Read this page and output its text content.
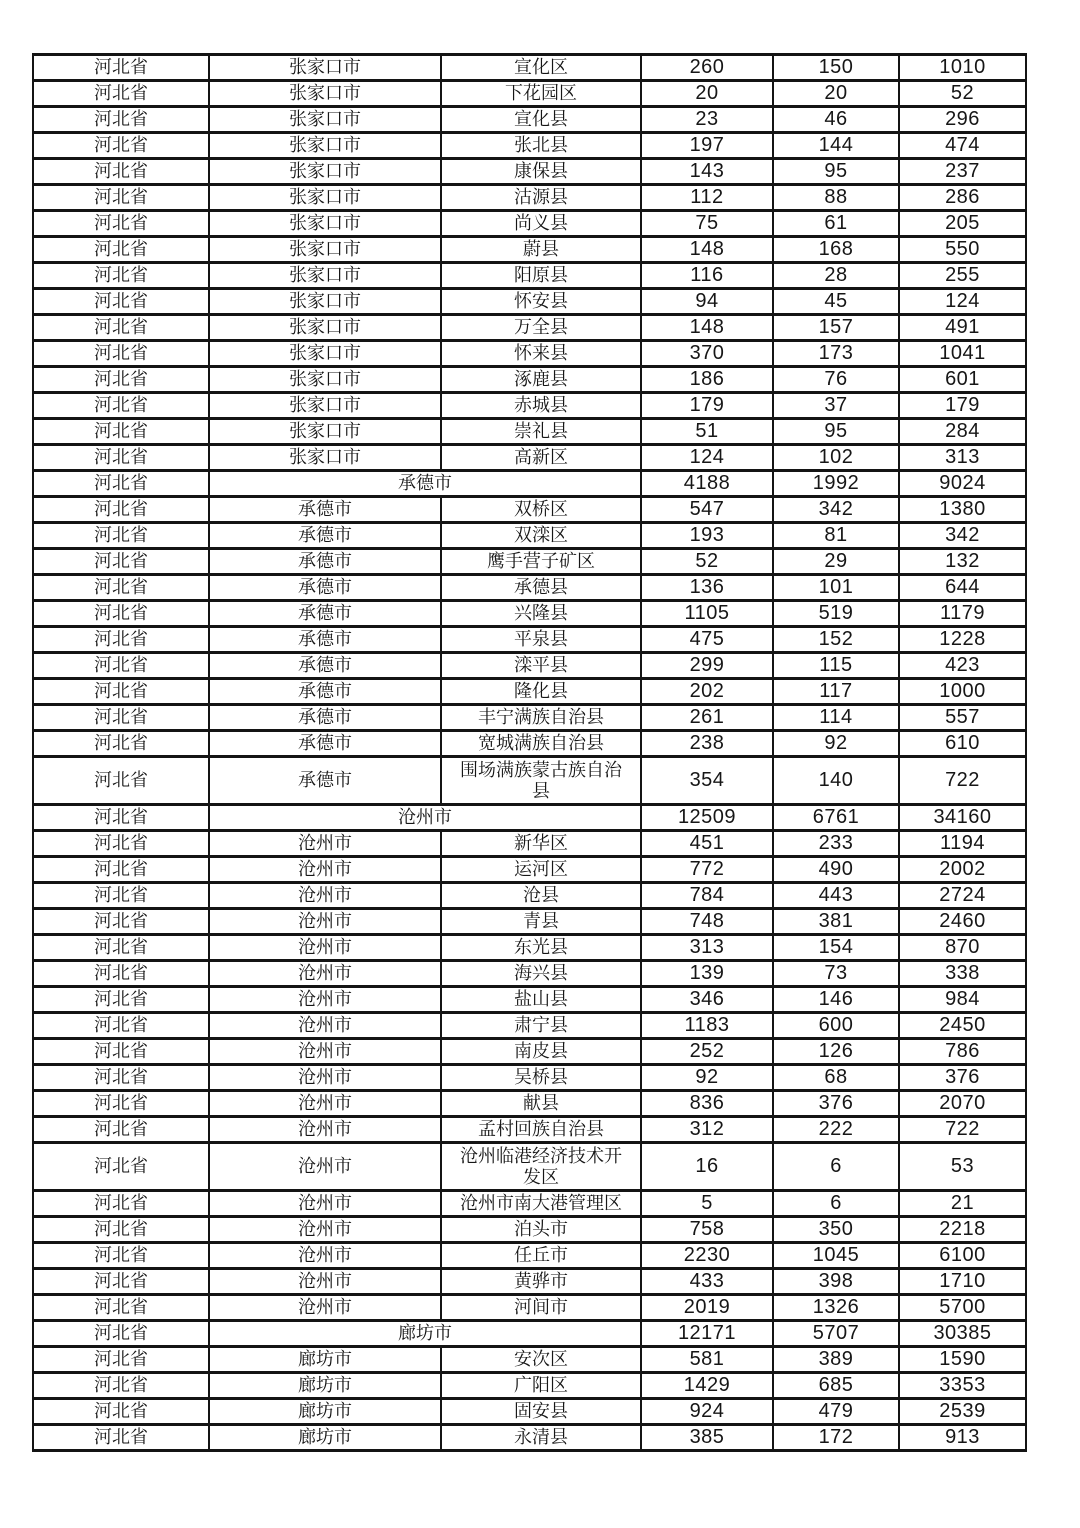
河北省	张家口市	宣化区	260	150	1010
河北省	张家口市	下花园区	20	20	52
河北省	张家口市	宣化县	23	46	296
河北省	张家口市	张北县	197	144	474
河北省	张家口市	康保县	143	95	237
河北省	张家口市	沽源县	112	88	286
河北省	张家口市	尚义县	75	61	205
河北省	张家口市	蔚县	148	168	550
河北省	张家口市	阳原县	116	28	255
河北省	张家口市	怀安县	94	45	124
河北省	张家口市	万全县	148	157	491
河北省	张家口市	怀来县	370	173	1041
河北省	张家口市	涿鹿县	186	76	601
河北省	张家口市	赤城县	179	37	179
河北省	张家口市	崇礼县	51	95	284
河北省	张家口市	高新区	124	102	313
河北省	承德市		4188	1992	9024
河北省	承德市	双桥区	547	342	1380
河北省	承德市	双滦区	193	81	342
河北省	承德市	鹰手营子矿区	52	29	132
河北省	承德市	承德县	136	101	644
河北省	承德市	兴隆县	1105	519	1179
河北省	承德市	平泉县	475	152	1228
河北省	承德市	滦平县	299	115	423
河北省	承德市	隆化县	202	117	1000
河北省	承德市	丰宁满族自治县	261	114	557
河北省	承德市	宽城满族自治县	238	92	610
河北省	承德市	围场满族蒙古族自治县	354	140	722
河北省	沧州市		12509	6761	34160
河北省	沧州市	新华区	451	233	1194
河北省	沧州市	运河区	772	490	2002
河北省	沧州市	沧县	784	443	2724
河北省	沧州市	青县	748	381	2460
河北省	沧州市	东光县	313	154	870
河北省	沧州市	海兴县	139	73	338
河北省	沧州市	盐山县	346	146	984
河北省	沧州市	肃宁县	1183	600	2450
河北省	沧州市	南皮县	252	126	786
河北省	沧州市	吴桥县	92	68	376
河北省	沧州市	献县	836	376	2070
河北省	沧州市	孟村回族自治县	312	222	722
河北省	沧州市	沧州临港经济技术开发区	16	6	53
河北省	沧州市	沧州市南大港管理区	5	6	21
河北省	沧州市	泊头市	758	350	2218
河北省	沧州市	任丘市	2230	1045	6100
河北省	沧州市	黄骅市	433	398	1710
河北省	沧州市	河间市	2019	1326	5700
河北省	廊坊市		12171	5707	30385
河北省	廊坊市	安次区	581	389	1590
河北省	廊坊市	广阳区	1429	685	3353
河北省	廊坊市	固安县	924	479	2539
河北省	廊坊市	永清县	385	172	913
